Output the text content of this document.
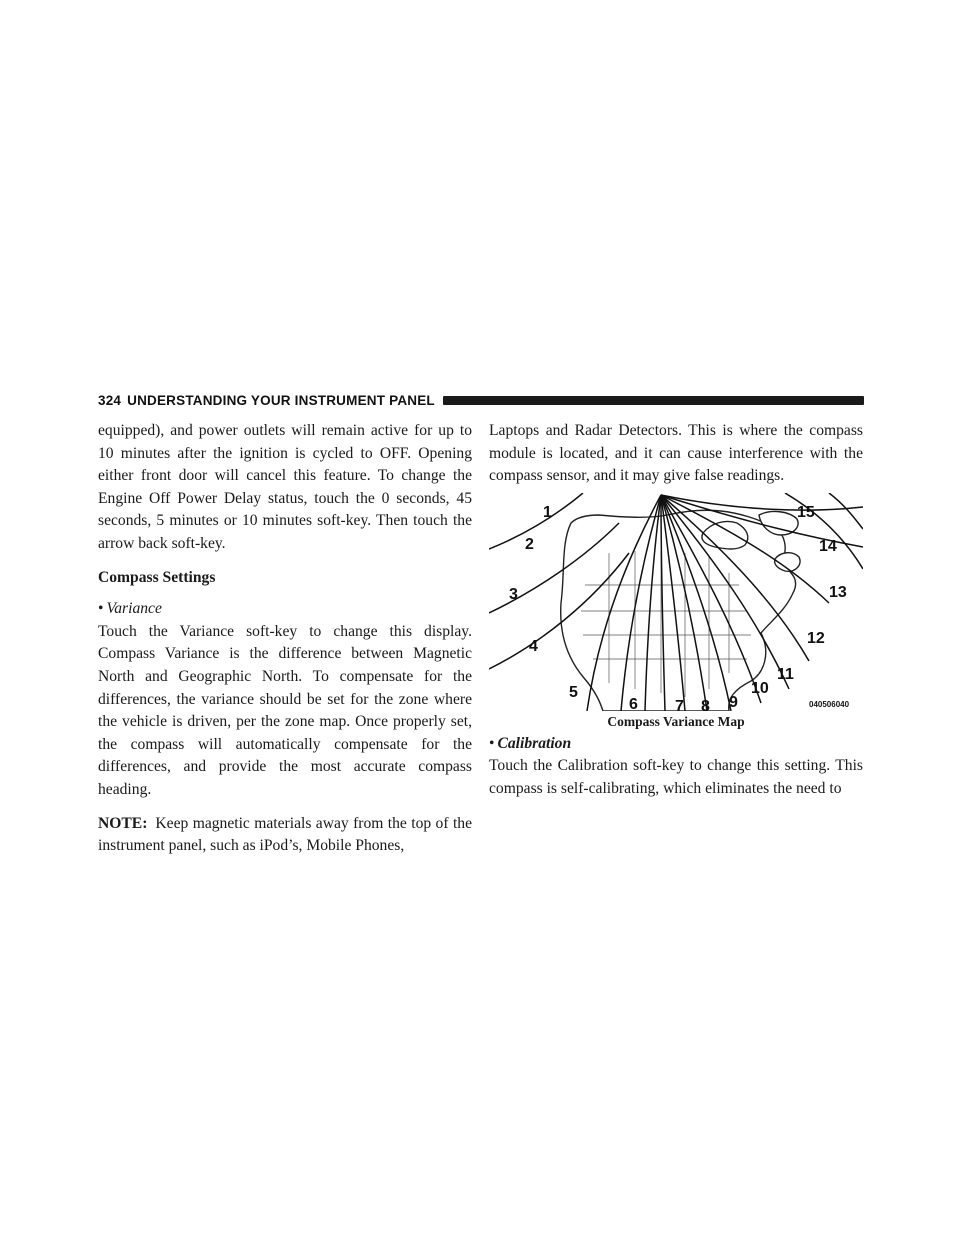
324 UNDERSTANDING YOUR INSTRUMENT PANEL

equipped), and power outlets will remain active for up to 10 minutes after the ignition is cycled to OFF. Opening either front door will cancel this feature. To change the Engine Off Power Delay status, touch the 0 seconds, 45 seconds, 5 minutes or 10 minutes soft-key. Then touch the arrow back soft-key.

Compass Settings

• Variance

Touch the Variance soft-key to change this display. Compass Variance is the difference between Magnetic North and Geographic North. To compensate for the differences, the variance should be set for the zone where the vehicle is driven, per the zone map. Once properly set, the compass will automatically compensate for the differences, and provide the most accurate compass heading.

NOTE: Keep magnetic materials away from the top of the instrument panel, such as iPod’s, Mobile Phones,

Laptops and Radar Detectors. This is where the compass module is located, and it can cause interference with the compass sensor, and it may give false readings.

1
2
3
4
5
6 7 8 9
10
11
12
13
14
15
040506040
Compass Variance Map

• Calibration

Touch the Calibration soft-key to change this setting. This compass is self-calibrating, which eliminates the need to
